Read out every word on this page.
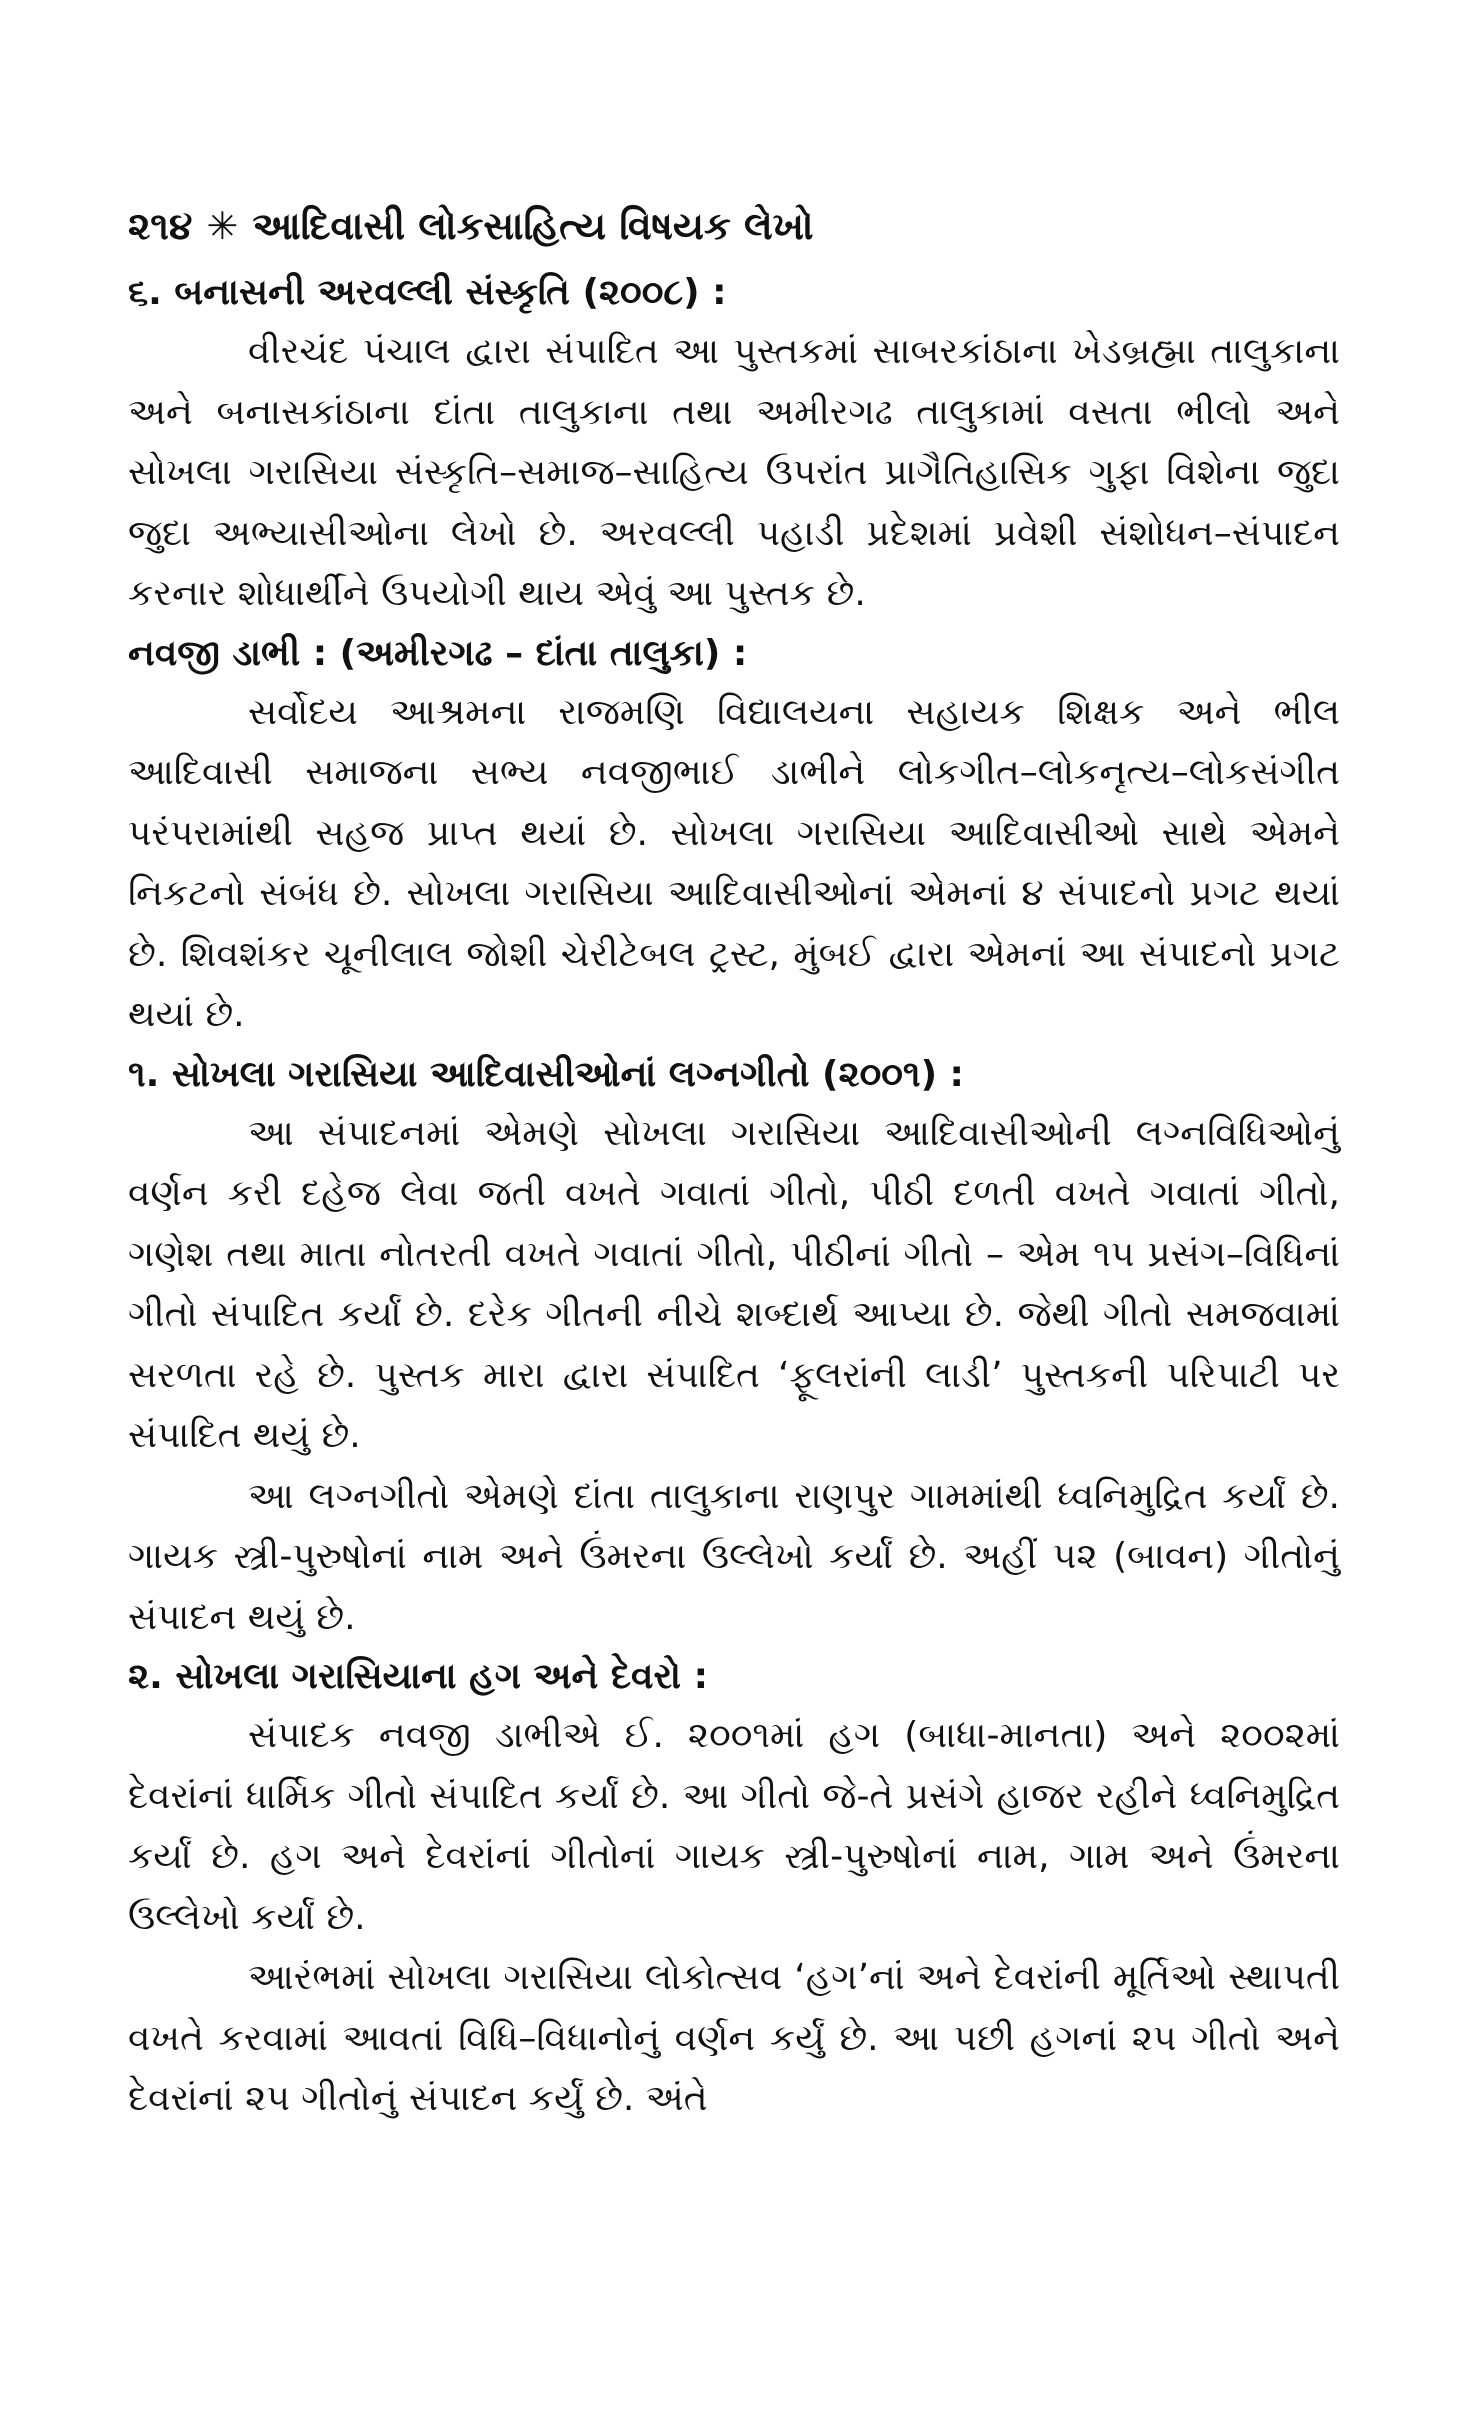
૨૧૪ ✳ આદિવાસી લોકસાહિત્ય વિષયક લેખો
૬. બનાસની અરવલ્લી સંસ્કૃતિ (૨૦૦૮) :

વીરચંદ પંચાલ દ્વારા સંપાદિત આ પુસ્તકમાં સાબરકાંઠાના ખેડબ્રહ્મા તાલુકાના અને બનાસકાંઠાના દાંતા તાલુકાના તથા અમીરગઢ તાલુકામાં વસતા ભીલો અને સોખલા ગરાસિયા સંસ્કૃતિ–સમાજ–સાહિત્ય ઉપરાંત પ્રાગૈતિહાસિક ગુફા વિશેના જુદા જુદા અભ્યાસીઓના લેખો છે. અરવલ્લી પહાડી પ્રદેશમાં પ્રવેશી સંશોધન–સંપાદન કરનાર શોધાર્થીને ઉપયોગી થાય એવું આ પુસ્તક છે.

નવજી ડાભી : (અમીરગઢ – દાંતા તાલુકા) :

સર્વોદય આશ્રમના રાજમણિ વિદ્યાલયના સહાયક શિક્ષક અને ભીલ આદિવાસી સમાજના સભ્ય નવજીભાઈ ડાભીને લોકગીત–લોકનૃત્ય–લોકસંગીત પરંપરામાંથી સહજ પ્રાપ્ત થયાં છે. સોખલા ગરાસિયા આદિવાસીઓ સાથે એમને નિકટનો સંબંધ છે. સોખલા ગરાસિયા આદિવાસીઓનાં એમનાં ૪ સંપાદનો પ્રગટ થયાં છે. શિવશંકર ચૂનીલાલ જોશી ચેરીટેબલ ટ્રસ્ટ, મુંબઈ દ્વારા એમનાં આ સંપાદનો પ્રગટ થયાં છે.

૧. સોખલા ગરાસિયા આદિવાસીઓનાં લગ્નગીતો (૨૦૦૧) :

આ સંપાદનમાં એમણે સોખલા ગરાસિયા આદિવાસીઓની લગ્નવિધિઓનું વર્ણન કરી દહેજ લેવા જતી વખતે ગવાતાં ગીતો, પીઠી દળતી વખતે ગવાતાં ગીતો, ગણેશ તથા માતા નોતરતી વખતે ગવાતાં ગીતો, પીઠીનાં ગીતો – એમ ૧૫ પ્રસંગ–વિધિનાં ગીતો સંપાદિત કર્યાં છે. દરેક ગીતની નીચે શબ્દાર્થ આપ્યા છે. જેથી ગીતો સમજવામાં સરળતા રહે છે. પુસ્તક મારા દ્વારા સંપાદિત ‘ફૂલરાંની લાડી’ પુસ્તકની પરિપાટી પર સંપાદિત થયું છે.

આ લગ્નગીતો એમણે દાંતા તાલુકાના રાણપુર ગામમાંથી ધ્વનિમુદ્રિત કર્યાં છે. ગાયક સ્ત્રી-પુરુષોનાં નામ અને ઉંમરના ઉલ્લેખો કર્યાં છે. અહીં ૫૨ (બાવન) ગીતોનું સંપાદન થયું છે.

૨. સોખલા ગરાસિયાના હગ અને દેવરો :

સંપાદક નવજી ડાભીએ ઈ. ૨૦૦૧માં હગ (બાધા-માનતા) અને ૨૦૦૨માં દેવરાંનાં ધાર્મિક ગીતો સંપાદિત કર્યાં છે. આ ગીતો જે-તે પ્રસંગે હાજર રહીને ધ્વનિમુદ્રિત કર્યાં છે. હગ અને દેવરાંનાં ગીતોનાં ગાયક સ્ત્રી-પુરુષોનાં નામ, ગામ અને ઉંમરના ઉલ્લેખો કર્યાં છે.

આરંભમાં સોખલા ગરાસિયા લોકોત્સવ ‘હગ’નાં અને દેવરાંની મૂર્તિઓ સ્થાપતી વખતે કરવામાં આવતાં વિધિ–વિધાનોનું વર્ણન કર્યું છે. આ પછી હગનાં ૨૫ ગીતો અને દેવરાંનાં ૨૫ ગીતોનું સંપાદન કર્યું છે. અંતે
